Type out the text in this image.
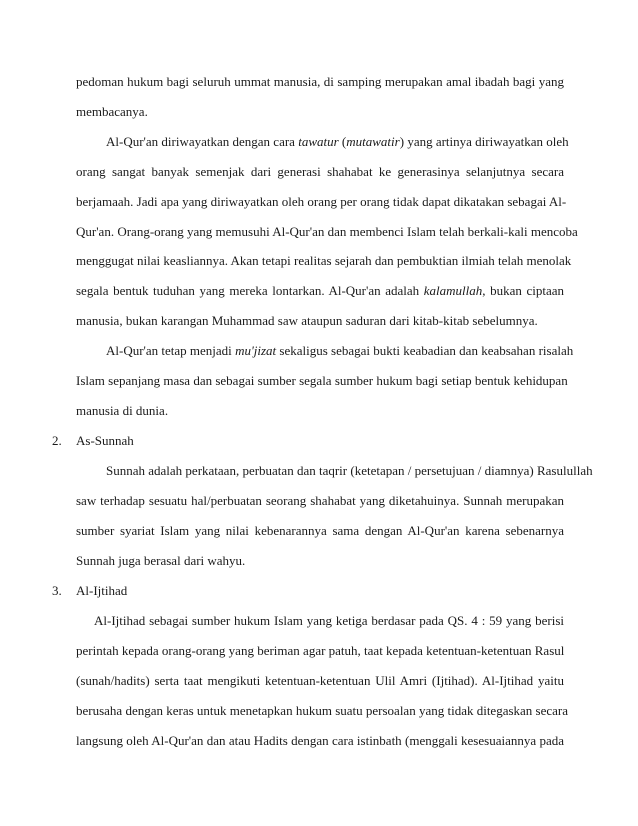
pedoman hukum bagi seluruh ummat manusia, di samping merupakan amal ibadah bagi yang
membacanya.
Al-Qur'an diriwayatkan dengan cara tawatur (mutawatir) yang artinya diriwayatkan oleh
orang sangat banyak semenjak dari generasi shahabat ke generasinya selanjutnya secara
berjamaah. Jadi apa yang diriwayatkan oleh orang per orang tidak dapat dikatakan sebagai Al-
Qur'an. Orang-orang yang memusuhi Al-Qur'an dan membenci Islam telah berkali-kali mencoba
menggugat nilai keasliannya. Akan tetapi realitas sejarah dan pembuktian ilmiah telah menolak
segala bentuk tuduhan yang mereka lontarkan. Al-Qur'an adalah kalamullah, bukan ciptaan
manusia, bukan karangan Muhammad saw ataupun saduran dari kitab-kitab sebelumnya.
Al-Qur'an tetap menjadi mu'jizat sekaligus sebagai bukti keabadian dan keabsahan risalah
Islam sepanjang masa dan sebagai sumber segala sumber hukum bagi setiap bentuk kehidupan
manusia di dunia.
2. As-Sunnah
Sunnah adalah perkataan, perbuatan dan taqrir (ketetapan / persetujuan / diamnya) Rasulullah
saw terhadap sesuatu hal/perbuatan seorang shahabat yang diketahuinya. Sunnah merupakan
sumber syariat Islam yang nilai kebenarannya sama dengan Al-Qur'an karena sebenarnya
Sunnah juga berasal dari wahyu.
3. Al-Ijtihad
Al-Ijtihad sebagai sumber hukum Islam yang ketiga berdasar pada QS. 4 : 59 yang berisi
perintah kepada orang-orang yang beriman agar patuh, taat kepada ketentuan-ketentuan Rasul
(sunah/hadits) serta taat mengikuti ketentuan-ketentuan Ulil Amri (Ijtihad). Al-Ijtihad yaitu
berusaha dengan keras untuk menetapkan hukum suatu persoalan yang tidak ditegaskan secara
langsung oleh Al-Qur'an dan atau Hadits dengan cara istinbath (menggali kesesuaiannya pada
